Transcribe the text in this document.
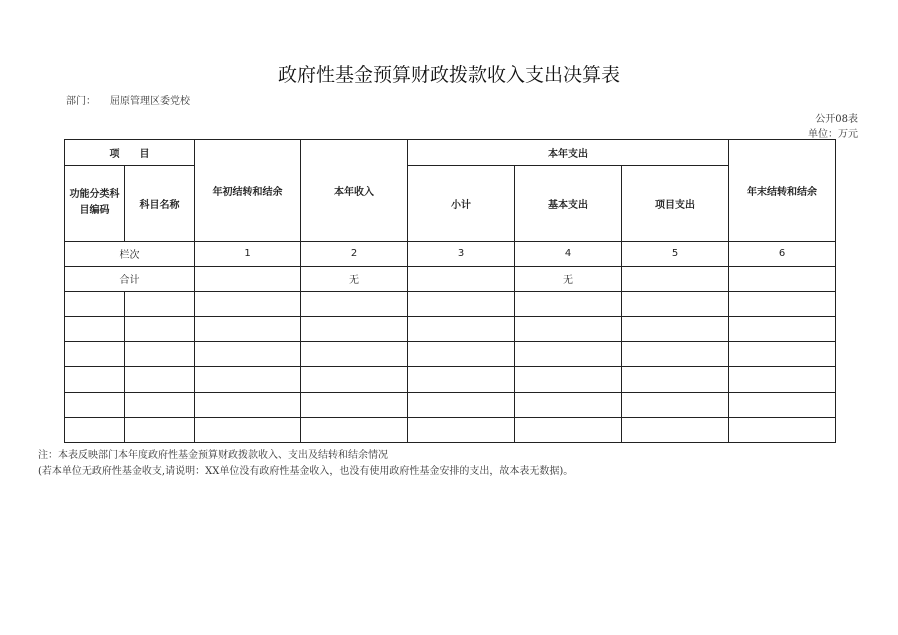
政府性基金预算财政拨款收入支出决算表
部门： 屈原管理区委党校
公开08表
单位：万元
项　　目		年初结转和结余	本年收入	本年支出			年末结转和结余
功能分类科目编码	科目名称			小计	基本支出	项目支出	
栏次		1	2	3	4	5	6
合计			无		无		

注：本表反映部门本年度政府性基金预算财政拨款收入、支出及结转和结余情况
(若本单位无政府性基金收支,请说明：XX单位没有政府性基金收入，也没有使用政府性基金安排的支出，故本表无数据)。
